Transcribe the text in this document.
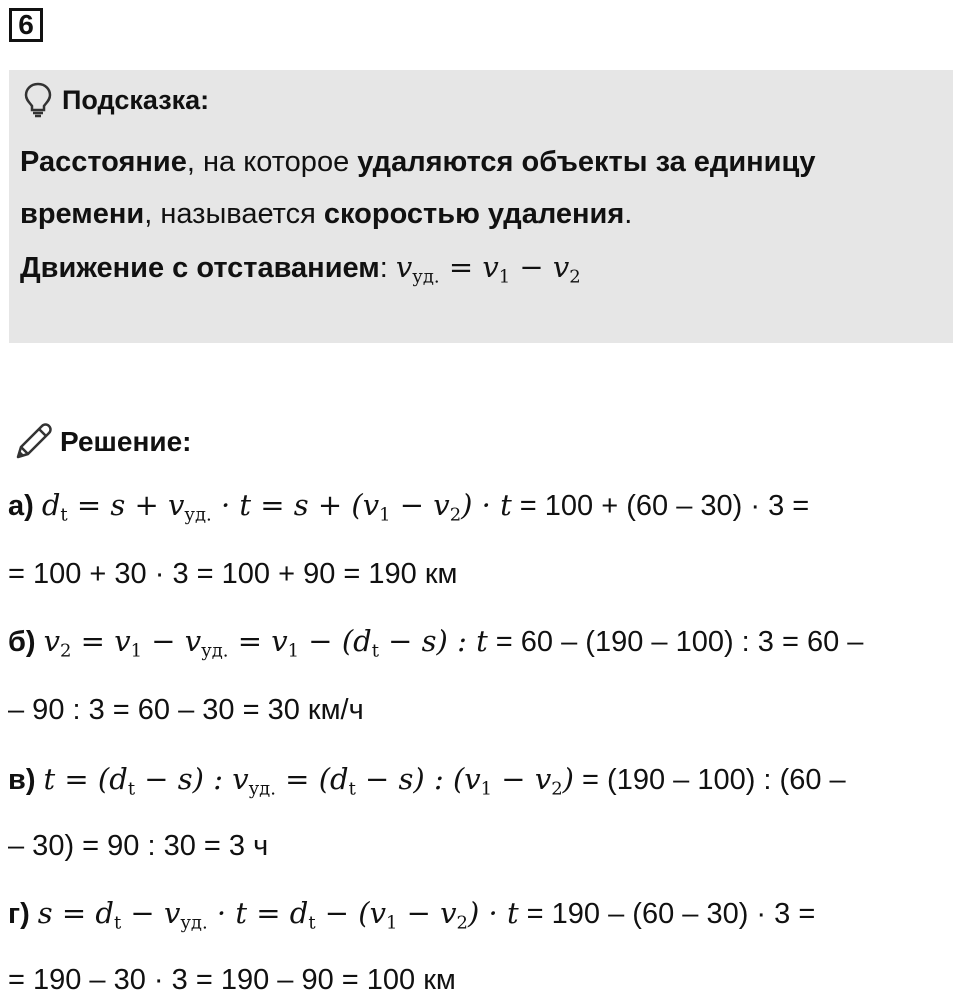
6
Подсказка:
Расстояние, на которое удаляются объекты за единицу
времени, называется скоростью удаления.
Движение с отставанием: $v_{уд.} = v_1 - v_2$
Решение:
а) $d_t = s + v_{уд.} \cdot t = s + (v_1 - v_2) \cdot t = 100 + (60 - 30) \cdot 3$ =
= 100 + 30 · 3 = 100 + 90 = 190 км
б) $v_2 = v_1 - v_{уд.} = v_1 - (d_t - s)$ : t = 60 – (190 – 100) : 3 = 60 –
– 90 : 3 = 60 – 30 = 30 км/ч
в) $t = (d_t - s)$ : $v_{уд.} = (d_t - s)$ : $(v_1 - v_2) = (190 - 100)$ : (60 –
– 30) = 90 : 30 = 3 ч
г) $s = d_t - v_{уд.} \cdot t = d_t - (v_1 - v_2) \cdot t = 190 - (60 - 30) \cdot 3$ =
= 190 – 30 · 3 = 190 – 90 = 100 км
